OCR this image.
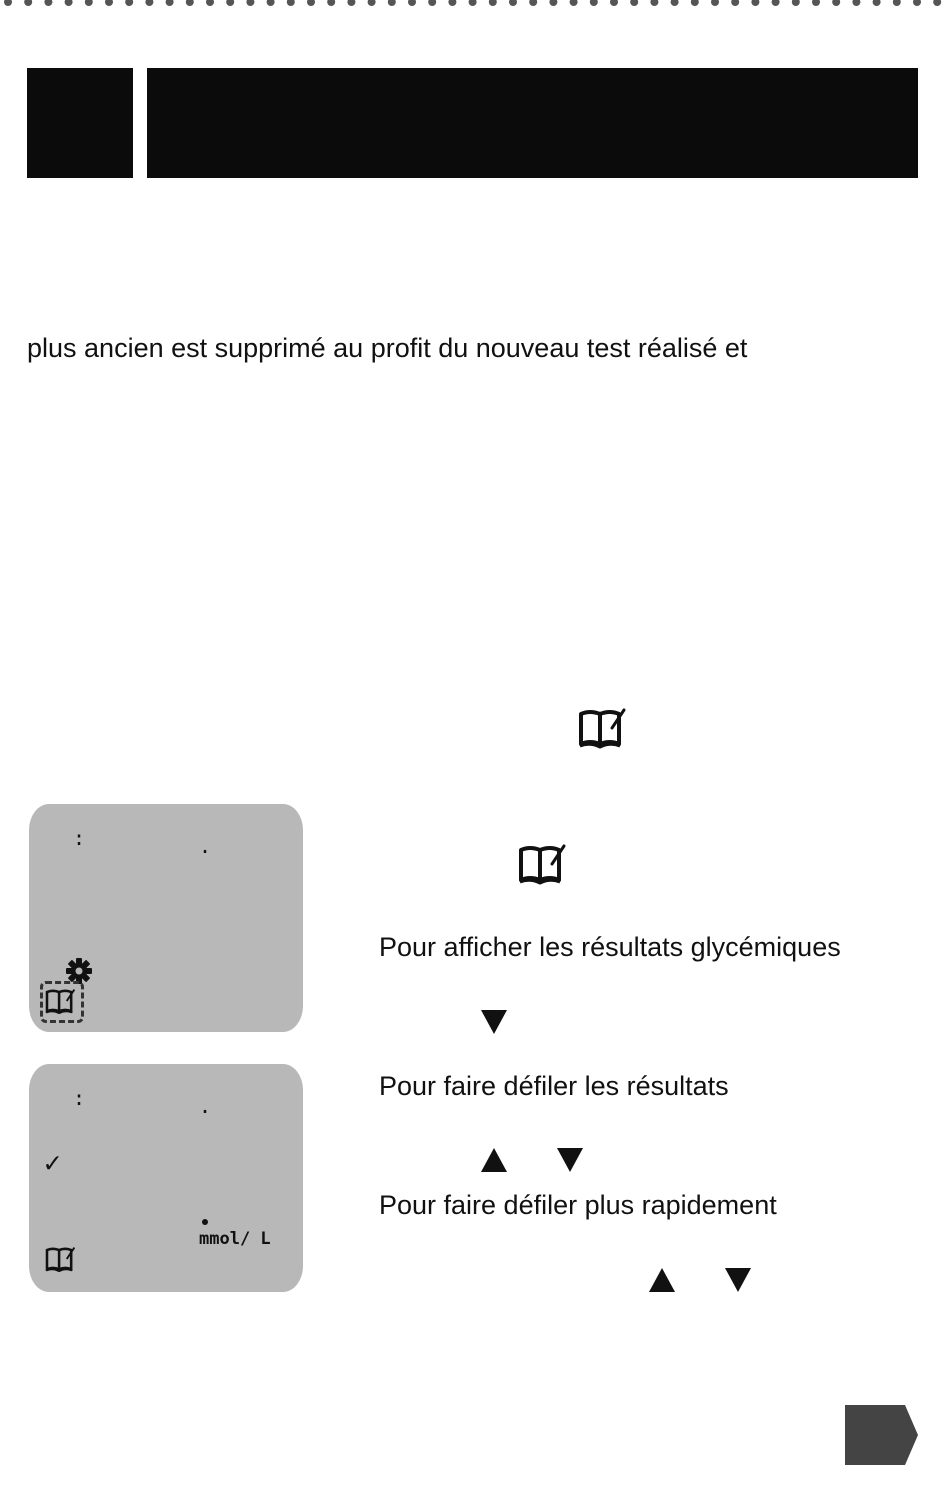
plus ancien est supprimé au profit du nouveau test réalisé et
:	.
:	.
✓
mmol/ L
Pour afficher les résultats glycémiques
Pour faire défiler les résultats
Pour faire défiler plus rapidement
